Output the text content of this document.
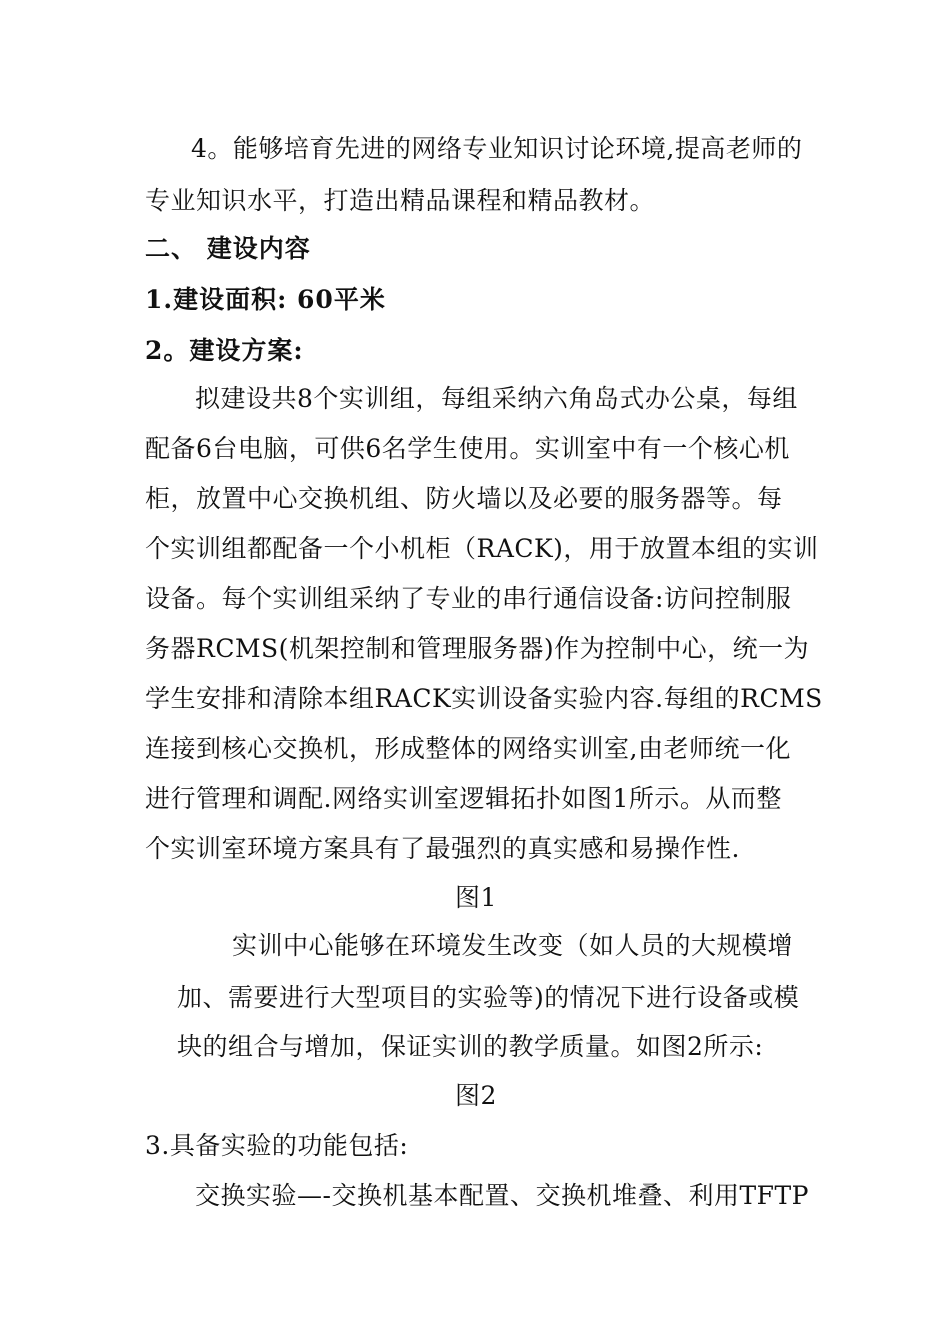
4。能够培育先进的网络专业知识讨论环境,提高老师的
专业知识水平，打造出精品课程和精品教材。
二、 建设内容
1.建设面积: 60平米
2。建设方案:
拟建设共8个实训组，每组采纳六角岛式办公桌，每组
配备6台电脑，可供6名学生使用。实训室中有一个核心机
柜，放置中心交换机组、防火墙以及必要的服务器等。每
个实训组都配备一个小机柜（RACK)，用于放置本组的实训
设备。每个实训组采纳了专业的串行通信设备:访问控制服
务器RCMS(机架控制和管理服务器)作为控制中心，统一为
学生安排和清除本组RACK实训设备实验内容.每组的RCMS
连接到核心交换机，形成整体的网络实训室,由老师统一化
进行管理和调配.网络实训室逻辑拓扑如图1所示。从而整
个实训室环境方案具有了最强烈的真实感和易操作性.
图1
实训中心能够在环境发生改变（如人员的大规模增
加、需要进行大型项目的实验等)的情况下进行设备或模
块的组合与增加，保证实训的教学质量。如图2所示:
图2
3.具备实验的功能包括:
交换实验—-交换机基本配置、交换机堆叠、利用TFTP
